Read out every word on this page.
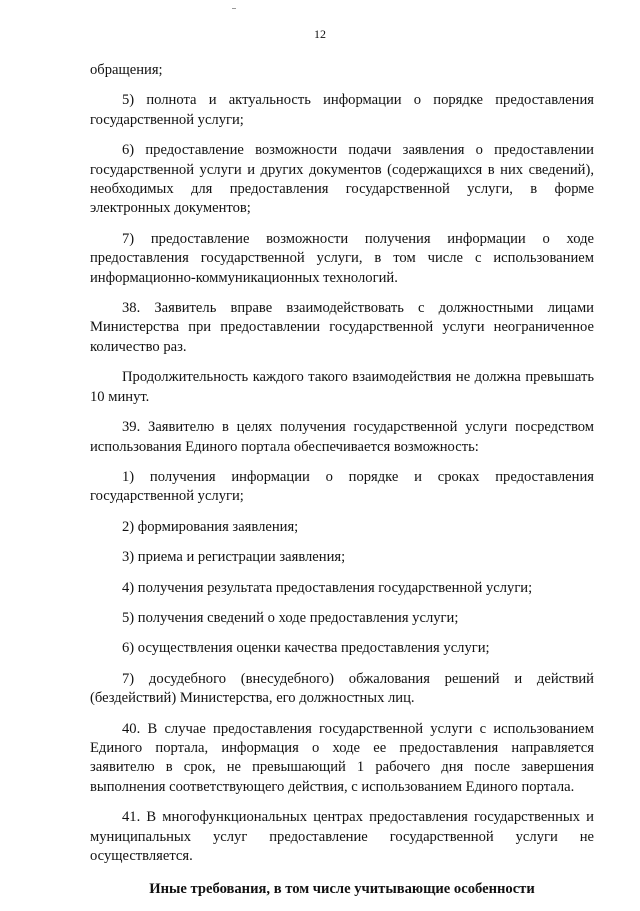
12

обращения;

5) полнота и актуальность информации о порядке предоставления государственной услуги;

6) предоставление возможности подачи заявления о предоставлении государственной услуги и других документов (содержащихся в них сведений), необходимых для предоставления государственной услуги, в форме электронных документов;

7) предоставление возможности получения информации о ходе предоставления государственной услуги, в том числе с использованием информационно-коммуникационных технологий.

38. Заявитель вправе взаимодействовать с должностными лицами Министерства при предоставлении государственной услуги неограниченное количество раз.

Продолжительность каждого такого взаимодействия не должна превышать 10 минут.

39. Заявителю в целях получения государственной услуги посредством использования Единого портала обеспечивается возможность:

1) получения информации о порядке и сроках предоставления государственной услуги;

2) формирования заявления;

3) приема и регистрации заявления;

4) получения результата предоставления государственной услуги;

5) получения сведений о ходе предоставления услуги;

6) осуществления оценки качества предоставления услуги;

7) досудебного (внесудебного) обжалования решений и действий (бездействий) Министерства, его должностных лиц.

40. В случае предоставления государственной услуги с использованием Единого портала, информация о ходе ее предоставления направляется заявителю в срок, не превышающий 1 рабочего дня после завершения выполнения соответствующего действия, с использованием Единого портала.

41. В многофункциональных центрах предоставления государственных и муниципальных услуг предоставление государственной услуги не осуществляется.

Иные требования, в том числе учитывающие особенности
